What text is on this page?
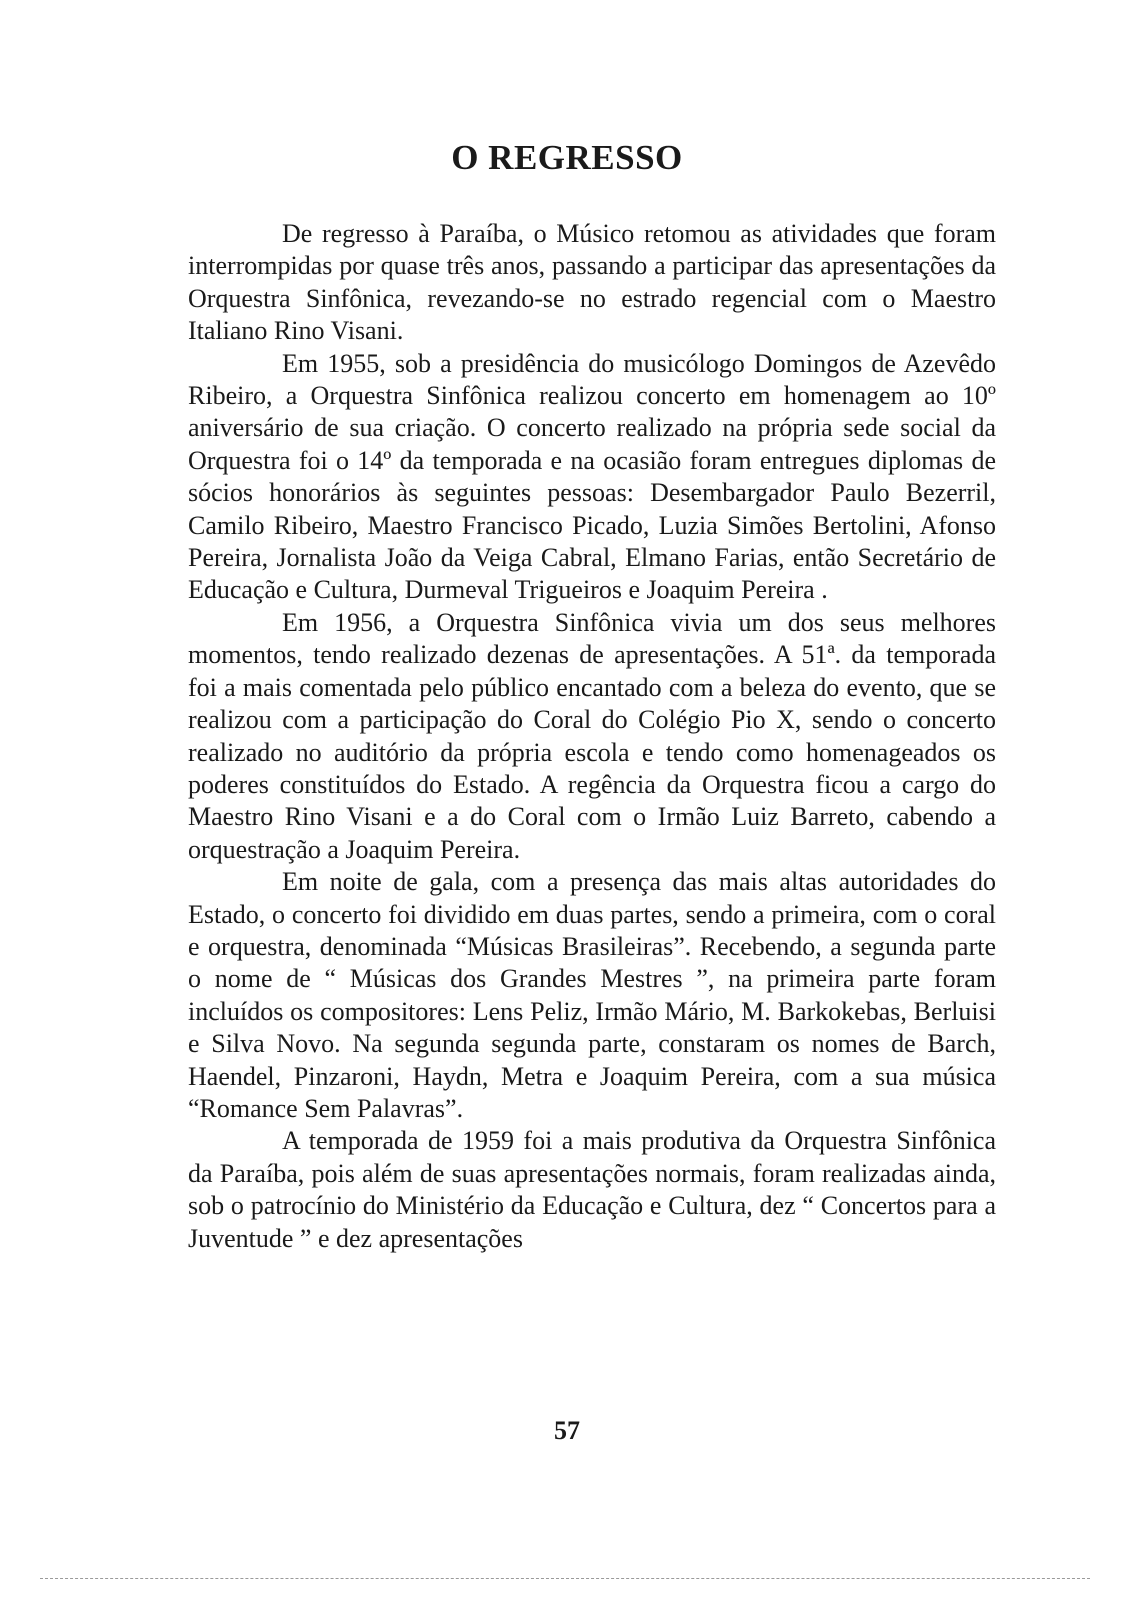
O REGRESSO

De regresso à Paraíba, o Músico retomou as atividades que foram interrompidas por quase três anos, passando a participar das apresentações da Orquestra Sinfônica, revezando-se no estrado regencial com o Maestro Italiano Rino Visani.

Em 1955, sob a presidência do musicólogo Domingos de Azevêdo Ribeiro, a Orquestra Sinfônica realizou concerto em homenagem ao 10º aniversário de sua criação. O concerto realizado na própria sede social da Orquestra foi o 14º da temporada e na ocasião foram entregues diplomas de sócios honorários às seguintes pessoas: Desembargador Paulo Bezerril, Camilo Ribeiro, Maestro Francisco Picado, Luzia Simões Bertolini, Afonso Pereira, Jornalista João da Veiga Cabral, Elmano Farias, então Secretário de Educação e Cultura, Durmeval Trigueiros e Joaquim Pereira .

Em 1956, a Orquestra Sinfônica vivia um dos seus melhores momentos, tendo realizado dezenas de apresentações. A 51ª. da temporada foi a mais comentada pelo público encantado com a beleza do evento, que se realizou com a participação do Coral do Colégio Pio X, sendo o concerto realizado no auditório da própria escola e tendo como homenageados os poderes constituídos do Estado. A regência da Orquestra ficou a cargo do Maestro Rino Visani e a do Coral com o Irmão Luiz Barreto, cabendo a orquestração a Joaquim Pereira.

Em noite de gala, com a presença das mais altas autoridades do Estado, o concerto foi dividido em duas partes, sendo a primeira, com o coral e orquestra, denominada “Músicas Brasileiras”. Recebendo, a segunda parte o nome de “ Músicas dos Grandes Mestres ”, na primeira parte foram incluídos os compositores: Lens Peliz, Irmão Mário, M. Barkokebas, Berluisi e Silva Novo. Na segunda segunda parte, constaram os nomes de Barch, Haendel, Pinzaroni, Haydn, Metra e Joaquim Pereira, com a sua música “Romance Sem Palavras”.

A temporada de 1959 foi a mais produtiva da Orquestra Sinfônica da Paraíba, pois além de suas apresentações normais, foram realizadas ainda, sob o patrocínio do Ministério da Educação e Cultura, dez “ Concertos para a Juventude ” e dez apresentações

57
